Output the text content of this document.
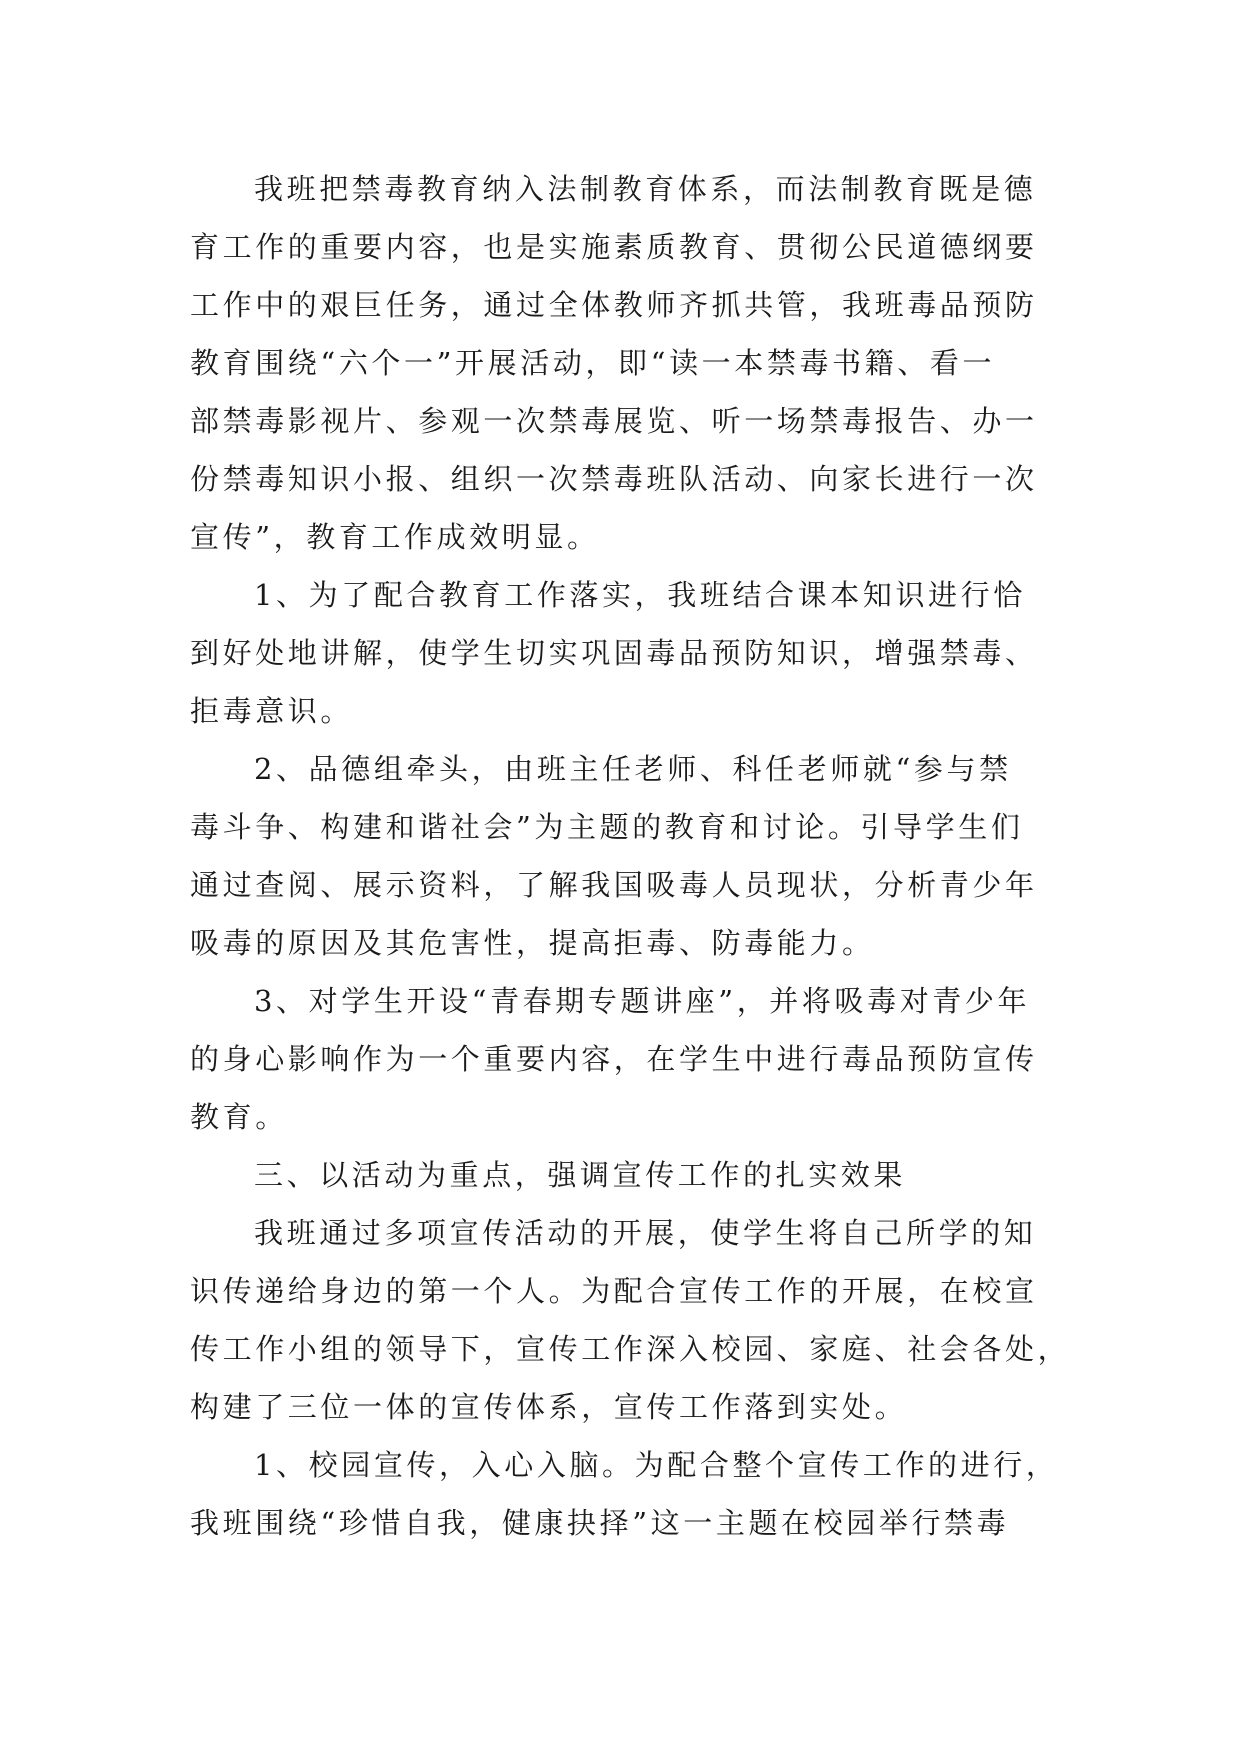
我班把禁毒教育纳入法制教育体系，而法制教育既是德
育工作的重要内容，也是实施素质教育、贯彻公民道德纲要
工作中的艰巨任务，通过全体教师齐抓共管，我班毒品预防
教育围绕“六个一”开展活动，即“读一本禁毒书籍、看一
部禁毒影视片、参观一次禁毒展览、听一场禁毒报告、办一
份禁毒知识小报、组织一次禁毒班队活动、向家长进行一次
宣传”，教育工作成效明显。
1、为了配合教育工作落实，我班结合课本知识进行恰
到好处地讲解，使学生切实巩固毒品预防知识，增强禁毒、
拒毒意识。
2、品德组牵头，由班主任老师、科任老师就“参与禁
毒斗争、构建和谐社会”为主题的教育和讨论。引导学生们
通过查阅、展示资料，了解我国吸毒人员现状，分析青少年
吸毒的原因及其危害性，提高拒毒、防毒能力。
3、对学生开设“青春期专题讲座”，并将吸毒对青少年
的身心影响作为一个重要内容，在学生中进行毒品预防宣传
教育。
三、以活动为重点，强调宣传工作的扎实效果
我班通过多项宣传活动的开展，使学生将自己所学的知
识传递给身边的第一个人。为配合宣传工作的开展，在校宣
传工作小组的领导下，宣传工作深入校园、家庭、社会各处，
构建了三位一体的宣传体系，宣传工作落到实处。
1、校园宣传，入心入脑。为配合整个宣传工作的进行，
我班围绕“珍惜自我，健康抉择”这一主题在校园举行禁毒
